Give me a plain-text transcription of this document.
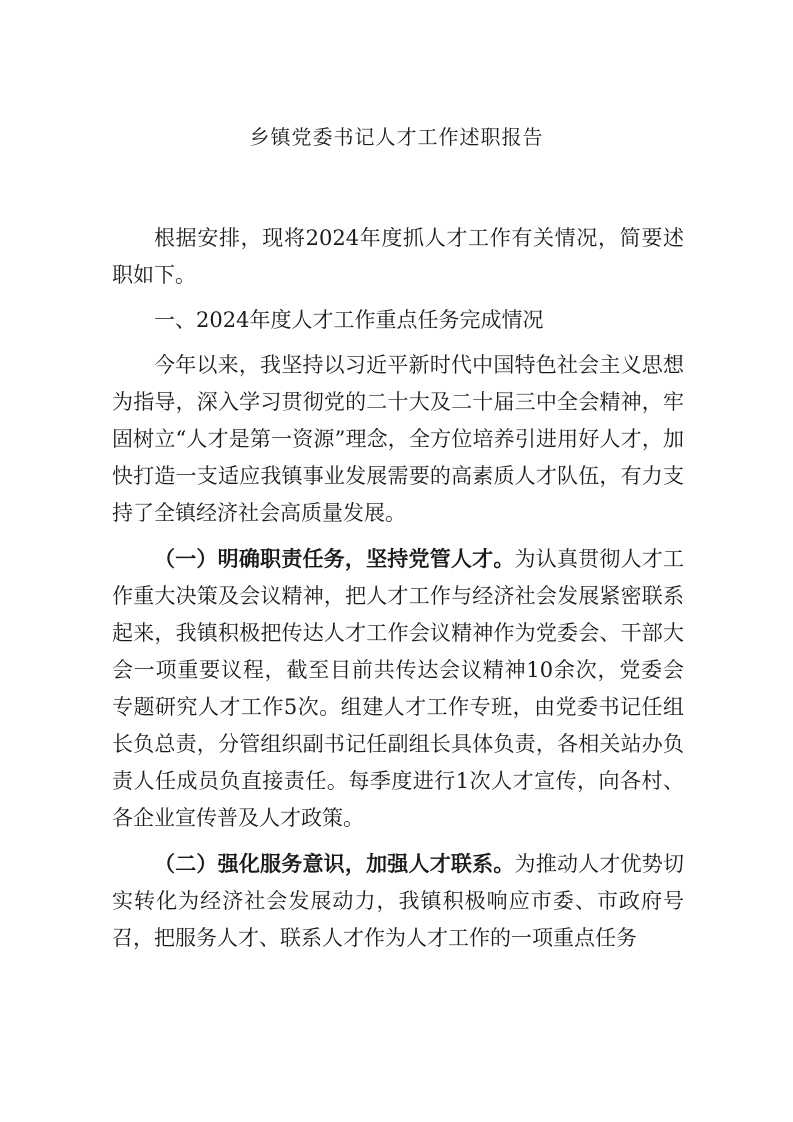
乡镇党委书记人才工作述职报告

根据安排，现将2024年度抓人才工作有关情况，简要述职如下。

一、2024年度人才工作重点任务完成情况

今年以来，我坚持以习近平新时代中国特色社会主义思想为指导，深入学习贯彻党的二十大及二十届三中全会精神，牢固树立“人才是第一资源”理念，全方位培养引进用好人才，加快打造一支适应我镇事业发展需要的高素质人才队伍，有力支持了全镇经济社会高质量发展。

（一）明确职责任务，坚持党管人才。为认真贯彻人才工作重大决策及会议精神，把人才工作与经济社会发展紧密联系起来，我镇积极把传达人才工作会议精神作为党委会、干部大会一项重要议程，截至目前共传达会议精神10余次，党委会专题研究人才工作5次。组建人才工作专班，由党委书记任组长负总责，分管组织副书记任副组长具体负责，各相关站办负责人任成员负直接责任。每季度进行1次人才宣传，向各村、各企业宣传普及人才政策。

（二）强化服务意识，加强人才联系。为推动人才优势切实转化为经济社会发展动力，我镇积极响应市委、市政府号召，把服务人才、联系人才作为人才工作的一项重点任务
